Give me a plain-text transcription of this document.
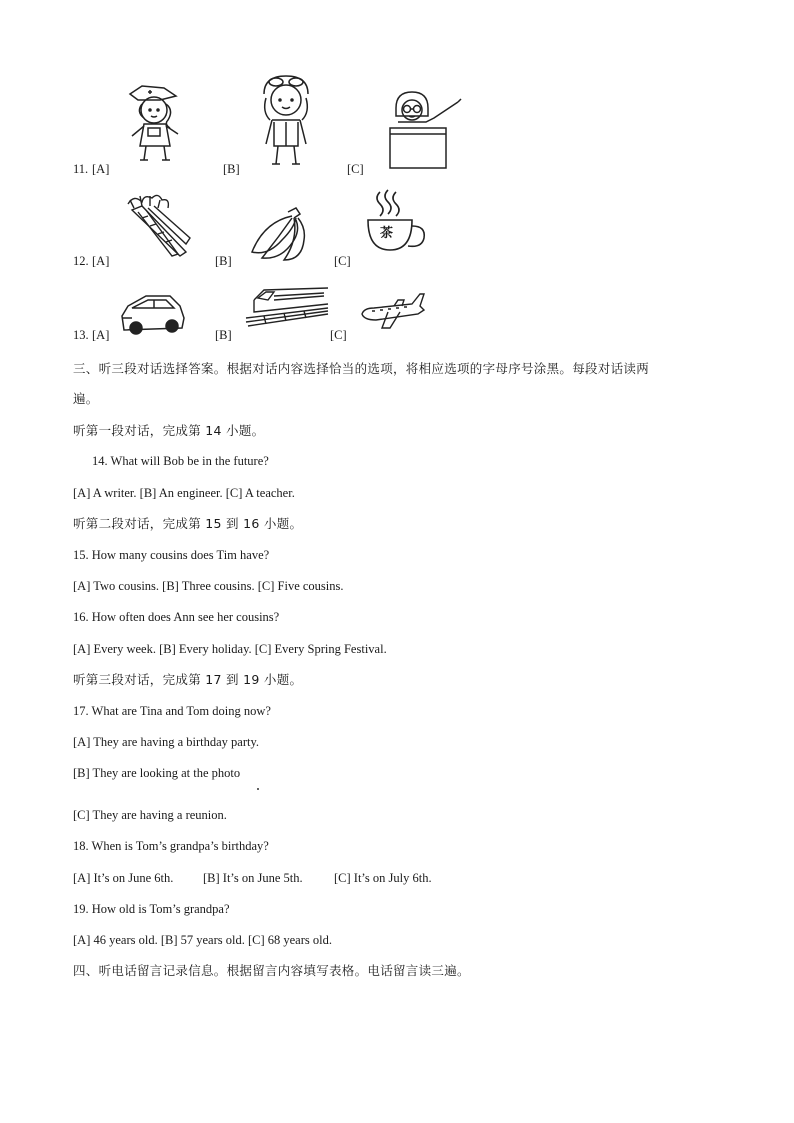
11. [A]	[B]	[C]
12. [A]	[B]	[C]
茶
13. [A]	[B]	[C]
三、听三段对话选择答案。根据对话内容选择恰当的选项，将相应选项的字母序号涂黑。每段对话读两
遍。
听第一段对话，完成第 14 小题。
14. What will Bob be in the future?
[A] A writer. [B] An engineer. [C] A teacher.
听第二段对话，完成第 15 到 16 小题。
15. How many cousins does Tim have?
[A] Two cousins. [B] Three cousins. [C] Five cousins.
16. How often does Ann see her cousins?
[A] Every week. [B] Every holiday. [C] Every Spring Festival.
听第三段对话，完成第 17 到 19 小题。
17. What are Tina and Tom doing now?
[A] They are having a birthday party.
[B] They are looking at the photo
[C] They are having a reunion.
18. When is Tom’s grandpa’s birthday?
[A] It’s on June 6th. [B] It’s on June 5th.	[C] It’s on July 6th.
19. How old is Tom’s grandpa?
[A] 46 years old. [B] 57 years old. [C] 68 years old.
四、听电话留言记录信息。根据留言内容填写表格。电话留言读三遍。
